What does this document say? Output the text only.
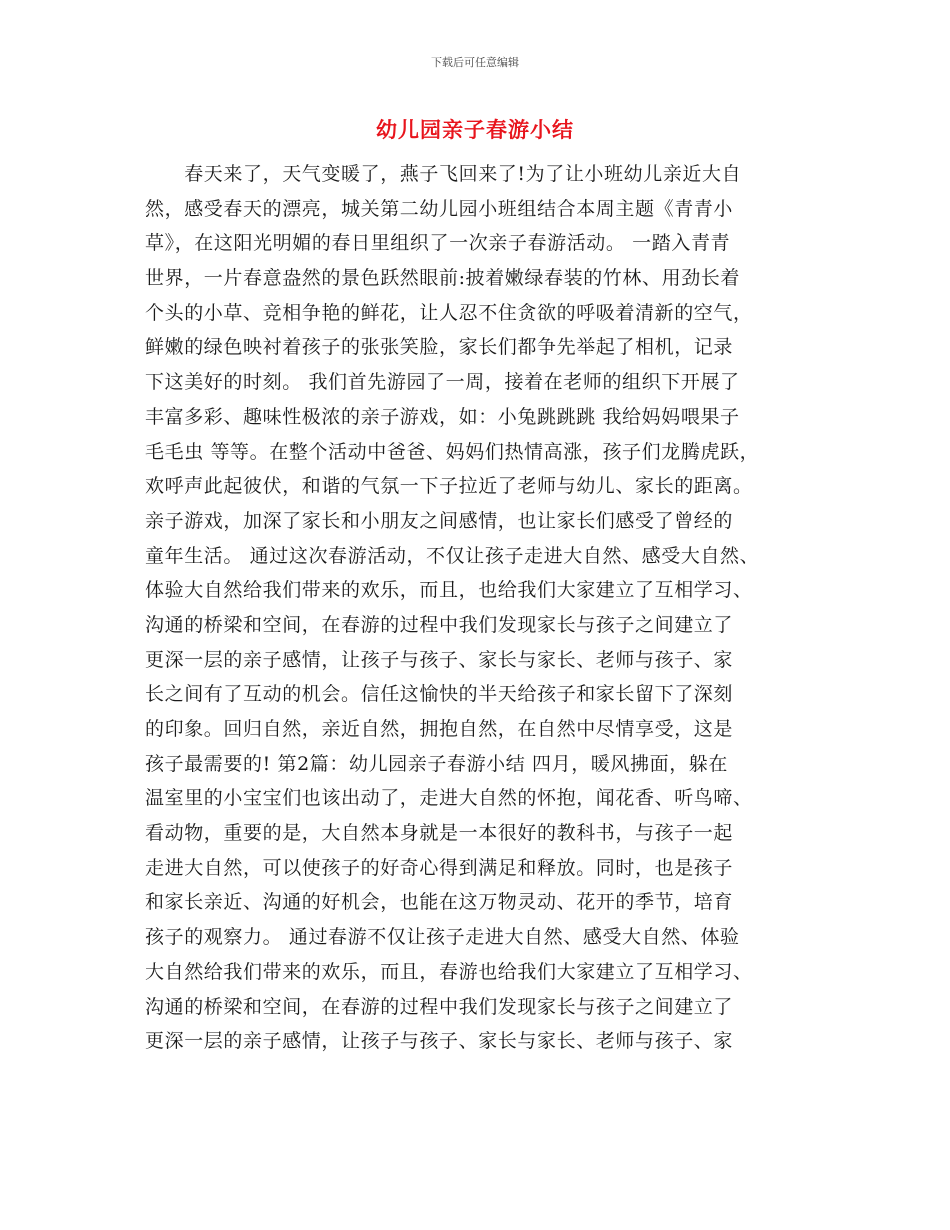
下载后可任意编辑
幼儿园亲子春游小结
　　春天来了，天气变暖了，燕子飞回来了!为了让小班幼儿亲近大自
然，感受春天的漂亮，城关第二幼儿园小班组结合本周主题《青青小
草》，在这阳光明媚的春日里组织了一次亲子春游活动。 一踏入青青
世界，一片春意盎然的景色跃然眼前:披着嫩绿春装的竹林、用劲长着
个头的小草、竞相争艳的鲜花，让人忍不住贪欲的呼吸着清新的空气，
鲜嫩的绿色映衬着孩子的张张笑脸，家长们都争先举起了相机，记录
下这美好的时刻。 我们首先游园了一周，接着在老师的组织下开展了
丰富多彩、趣味性极浓的亲子游戏，如：小兔跳跳跳 我给妈妈喂果子
毛毛虫 等等。在整个活动中爸爸、妈妈们热情高涨，孩子们龙腾虎跃，
欢呼声此起彼伏，和谐的气氛一下子拉近了老师与幼儿、家长的距离。
亲子游戏，加深了家长和小朋友之间感情，也让家长们感受了曾经的
童年生活。 通过这次春游活动，不仅让孩子走进大自然、感受大自然、
体验大自然给我们带来的欢乐，而且，也给我们大家建立了互相学习、
沟通的桥梁和空间，在春游的过程中我们发现家长与孩子之间建立了
更深一层的亲子感情，让孩子与孩子、家长与家长、老师与孩子、家
长之间有了互动的机会。信任这愉快的半天给孩子和家长留下了深刻
的印象。回归自然，亲近自然，拥抱自然，在自然中尽情享受，这是
孩子最需要的! 第2篇：幼儿园亲子春游小结 四月，暖风拂面，躲在
温室里的小宝宝们也该出动了，走进大自然的怀抱，闻花香、听鸟啼、
看动物，重要的是，大自然本身就是一本很好的教科书，与孩子一起
走进大自然，可以使孩子的好奇心得到满足和释放。同时，也是孩子
和家长亲近、沟通的好机会，也能在这万物灵动、花开的季节，培育
孩子的观察力。 通过春游不仅让孩子走进大自然、感受大自然、体验
大自然给我们带来的欢乐，而且，春游也给我们大家建立了互相学习、
沟通的桥梁和空间，在春游的过程中我们发现家长与孩子之间建立了
更深一层的亲子感情，让孩子与孩子、家长与家长、老师与孩子、家
